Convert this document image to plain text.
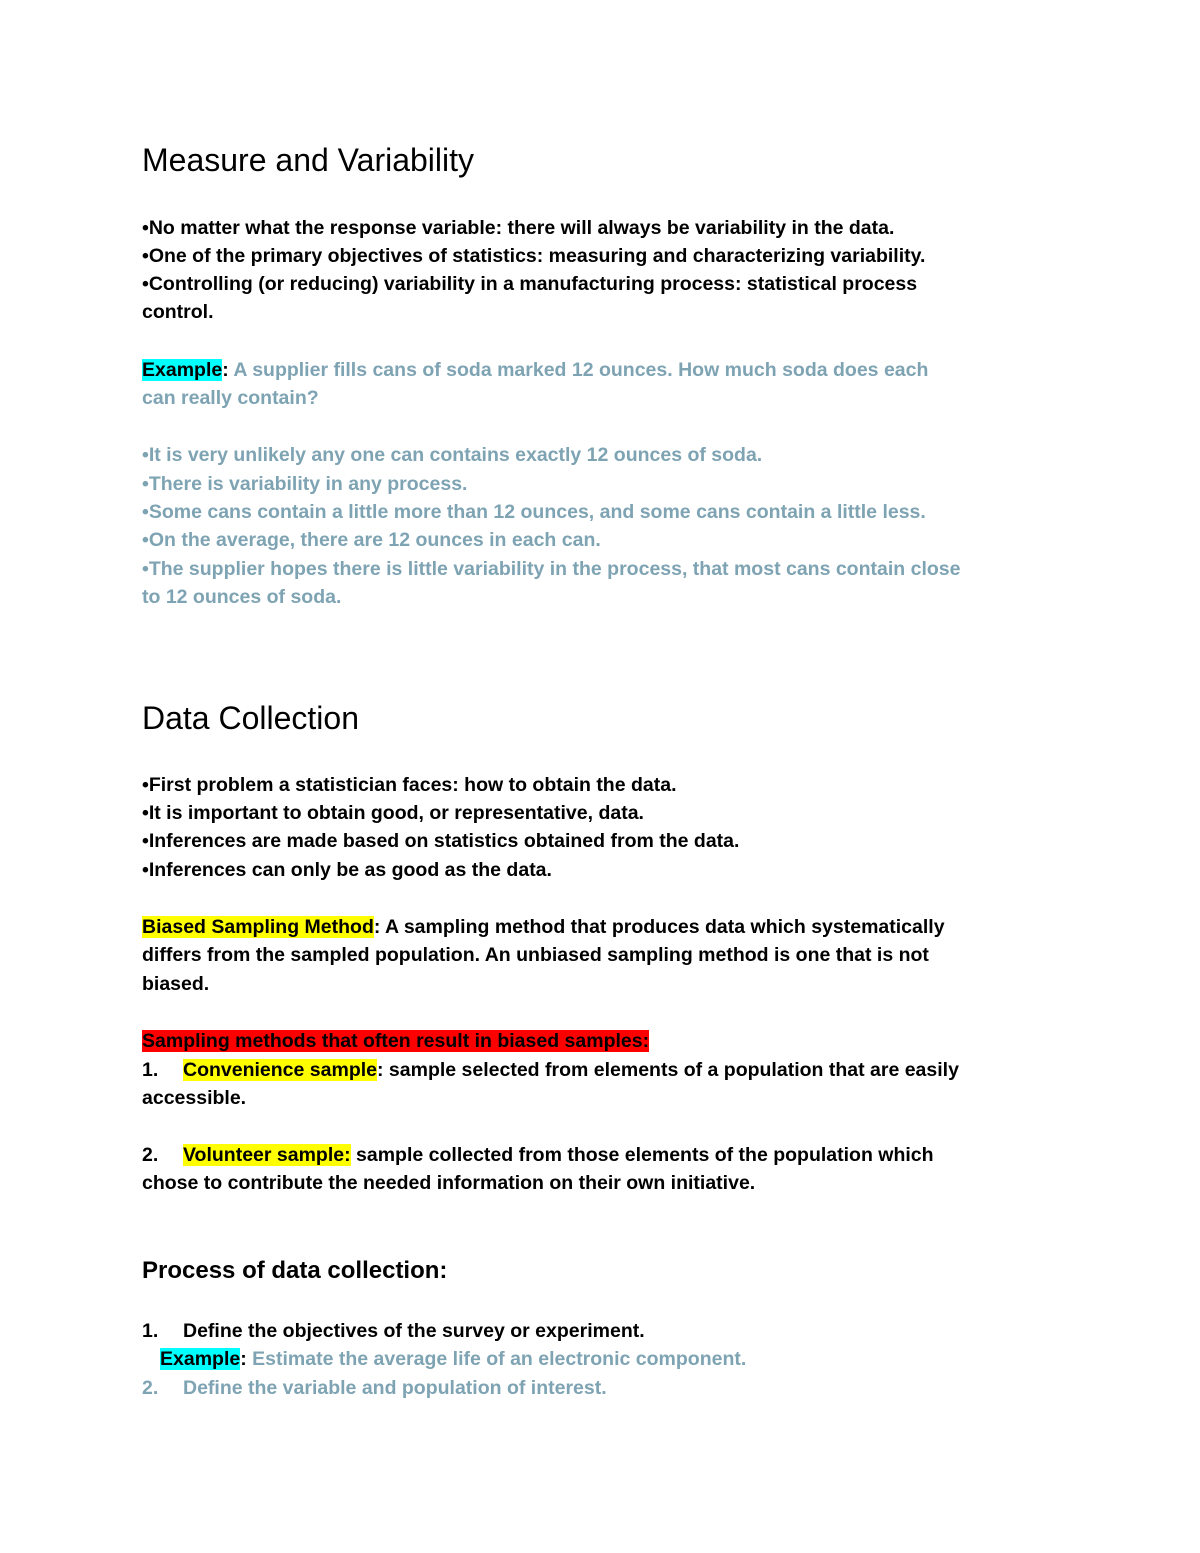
Measure and Variability
•No matter what the response variable: there will always be variability in the data.
•One of the primary objectives of statistics: measuring and characterizing variability.
•Controlling (or reducing) variability in a manufacturing process: statistical process
control.
Example: A supplier fills cans of soda marked 12 ounces. How much soda does each
can really contain?
•It is very unlikely any one can contains exactly 12 ounces of soda.
•There is variability in any process.
•Some cans contain a little more than 12 ounces, and some cans contain a little less.
•On the average, there are 12 ounces in each can.
•The supplier hopes there is little variability in the process, that most cans contain close
to 12 ounces of soda.
Data Collection
•First problem a statistician faces: how to obtain the data.
•It is important to obtain good, or representative, data.
•Inferences are made based on statistics obtained from the data.
•Inferences can only be as good as the data.
Biased Sampling Method: A sampling method that produces data which systematically
differs from the sampled population. An unbiased sampling method is one that is not
biased.
Sampling methods that often result in biased samples:
1. Convenience sample: sample selected from elements of a population that are easily
accessible.
2. Volunteer sample: sample collected from those elements of the population which
chose to contribute the needed information on their own initiative.
Process of data collection:
1. Define the objectives of the survey or experiment.
Example: Estimate the average life of an electronic component.
2. Define the variable and population of interest.
